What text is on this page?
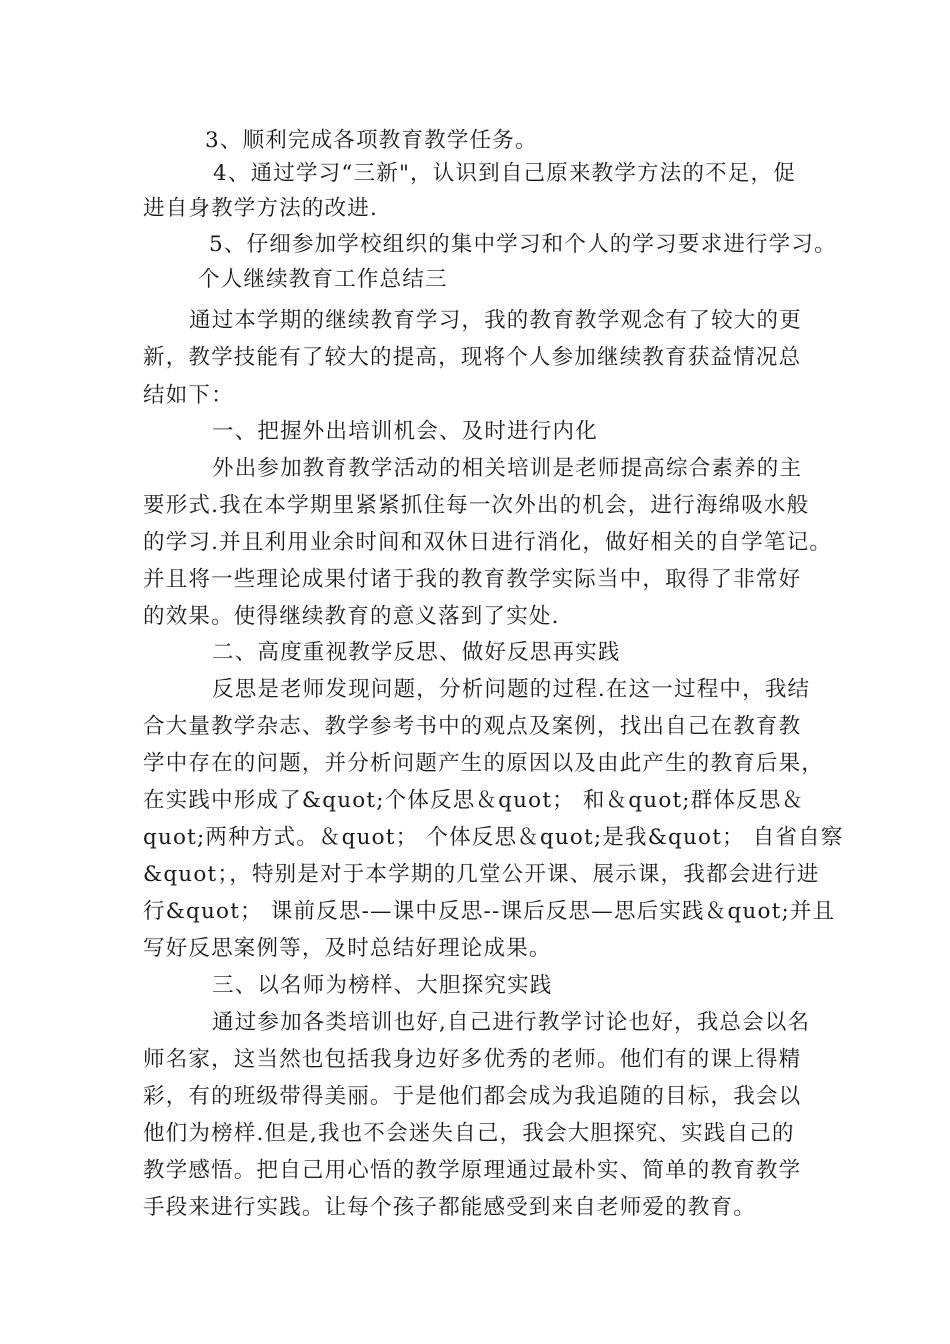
3、顺利完成各项教育教学任务。
4、通过学习“三新"，认识到自己原来教学方法的不足，促
进自身教学方法的改进.
5、仔细参加学校组织的集中学习和个人的学习要求进行学习。
个人继续教育工作总结三
通过本学期的继续教育学习，我的教育教学观念有了较大的更
新，教学技能有了较大的提高，现将个人参加继续教育获益情况总
结如下：
一、把握外出培训机会、及时进行内化
外出参加教育教学活动的相关培训是老师提高综合素养的主
要形式.我在本学期里紧紧抓住每一次外出的机会，进行海绵吸水般
的学习.并且利用业余时间和双休日进行消化，做好相关的自学笔记。
并且将一些理论成果付诸于我的教育教学实际当中，取得了非常好
的效果。使得继续教育的意义落到了实处.
二、高度重视教学反思、做好反思再实践
反思是老师发现问题，分析问题的过程.在这一过程中，我结
合大量教学杂志、教学参考书中的观点及案例，找出自己在教育教
学中存在的问题，并分析问题产生的原因以及由此产生的教育后果，
在实践中形成了&quot;个体反思＆quot； 和＆quot;群体反思＆
quot;两种方式。＆quot； 个体反思＆quot;是我&quot； 自省自察
&quot；，特别是对于本学期的几堂公开课、展示课，我都会进行进
行&quot； 课前反思-—课中反思--课后反思—思后实践＆quot;并且
写好反思案例等，及时总结好理论成果。
三、以名师为榜样、大胆探究实践
通过参加各类培训也好,自己进行教学讨论也好，我总会以名
师名家，这当然也包括我身边好多优秀的老师。他们有的课上得精
彩，有的班级带得美丽。于是他们都会成为我追随的目标，我会以
他们为榜样.但是,我也不会迷失自己，我会大胆探究、实践自己的
教学感悟。把自己用心悟的教学原理通过最朴实、简单的教育教学
手段来进行实践。让每个孩子都能感受到来自老师爱的教育。
